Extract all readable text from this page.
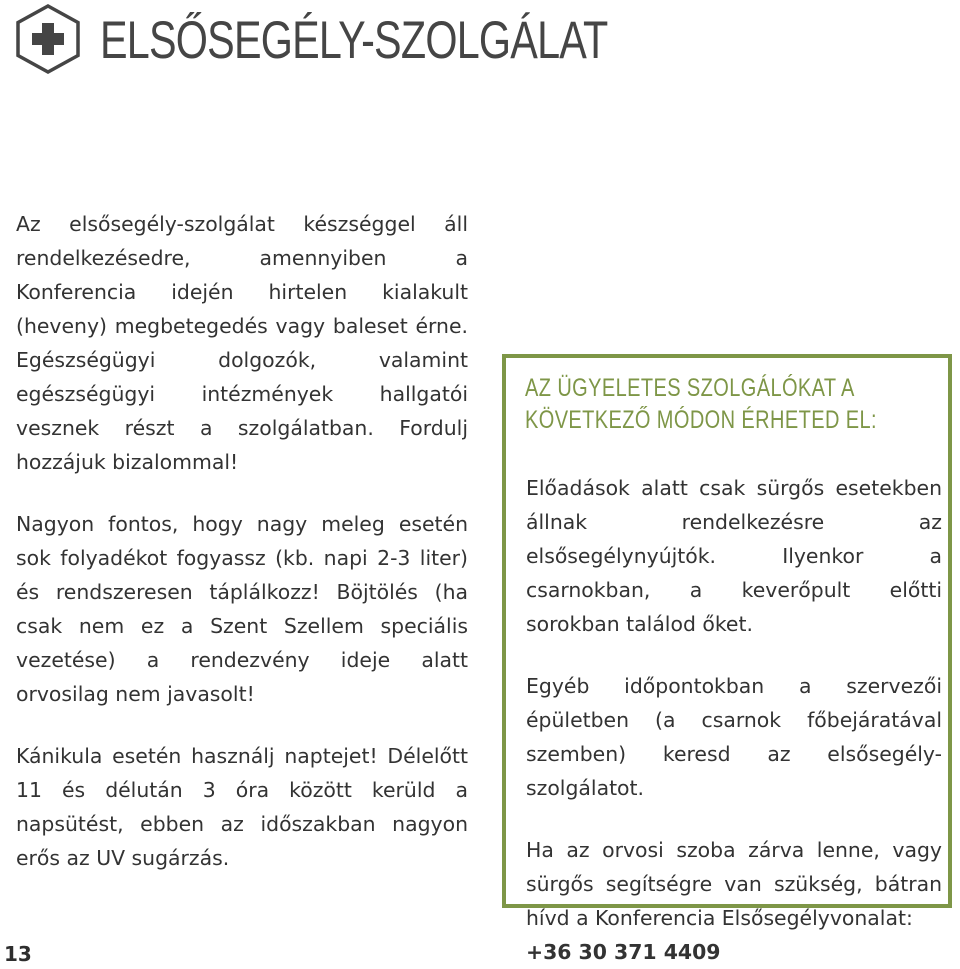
ELSŐSEGÉLY-SZOLGÁLAT

Az elsősegély-szolgálat készséggel áll rendelkezésedre, amennyiben a Konferencia idején hirtelen kialakult (heveny) megbetegedés vagy baleset érne. Egészségügyi dolgozók, valamint egészségügyi intézmények hallgatói vesznek részt a szolgálatban. Fordulj hozzájuk bizalommal!

Nagyon fontos, hogy nagy meleg esetén sok folyadékot fogyassz (kb. napi 2-3 liter) és rendszeresen táplálkozz! Böjtölés (ha csak nem ez a Szent Szellem speciális vezetése) a rendezvény ideje alatt orvosilag nem javasolt!

Kánikula esetén használj naptejet! Délelőtt 11 és délután 3 óra között kerüld a napsütést, ebben az időszakban nagyon erős az UV sugárzás.

AZ ÜGYELETES SZOLGÁLÓKAT A
KÖVETKEZŐ MÓDON ÉRHETED EL:

Előadások alatt csak sürgős esetekben állnak rendelkezésre az elsősegélynyújtók. Ilyenkor a csarnokban, a keverőpult előtti sorokban találod őket.

Egyéb időpontokban a szervezői épületben (a csarnok főbejáratával szemben) keresd az elsősegély-szolgálatot.

Ha az orvosi szoba zárva lenne, vagy sürgős segítségre van szükség, bátran hívd a Konferencia Elsősegélyvonalat:
+36 30 371 4409

13
